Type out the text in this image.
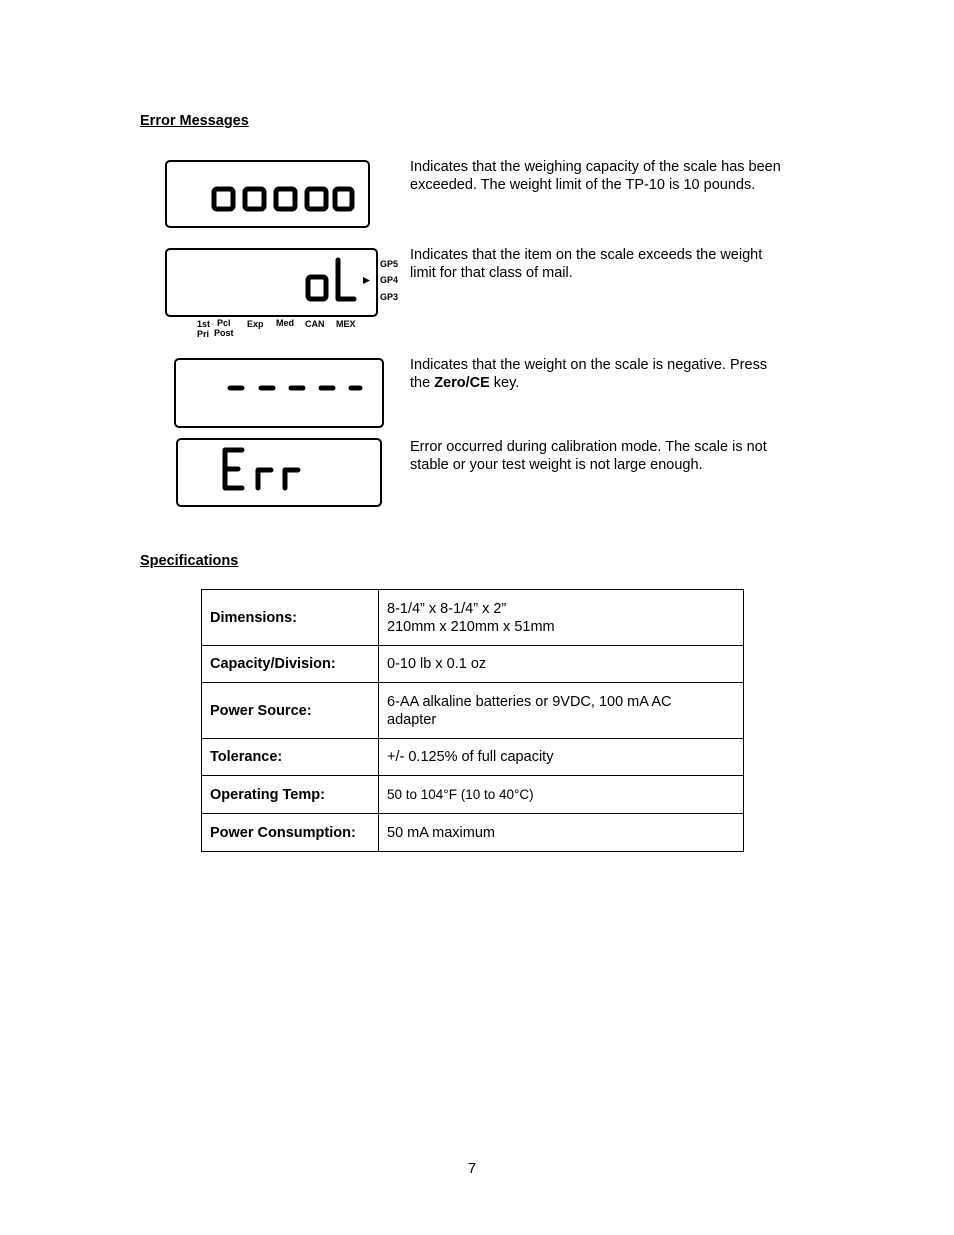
Error Messages
Indicates that the weighing capacity of the scale has been exceeded. The weight limit of the TP-10 is 10 pounds.
GP5
GP4
GP3
1st
Pri
Pcl
Post
Exp Med CAN MEX
Indicates that the item on the scale exceeds the weight limit for that class of mail.
Indicates that the weight on the scale is negative. Press the Zero/CE key.
Error occurred during calibration mode. The scale is not stable or your test weight is not large enough.
Specifications
Dimensions:	8-1/4” x 8-1/4” x 2”
210mm x 210mm x 51mm

Capacity/Division:	0-10 lb x 0.1 oz
Power Source:	6-AA alkaline batteries or 9VDC, 100 mA AC
adapter

Tolerance:	+/- 0.125% of full capacity
Operating Temp:	50 to 104°F (10 to 40°C)
Power Consumption:	50 mA maximum
7
